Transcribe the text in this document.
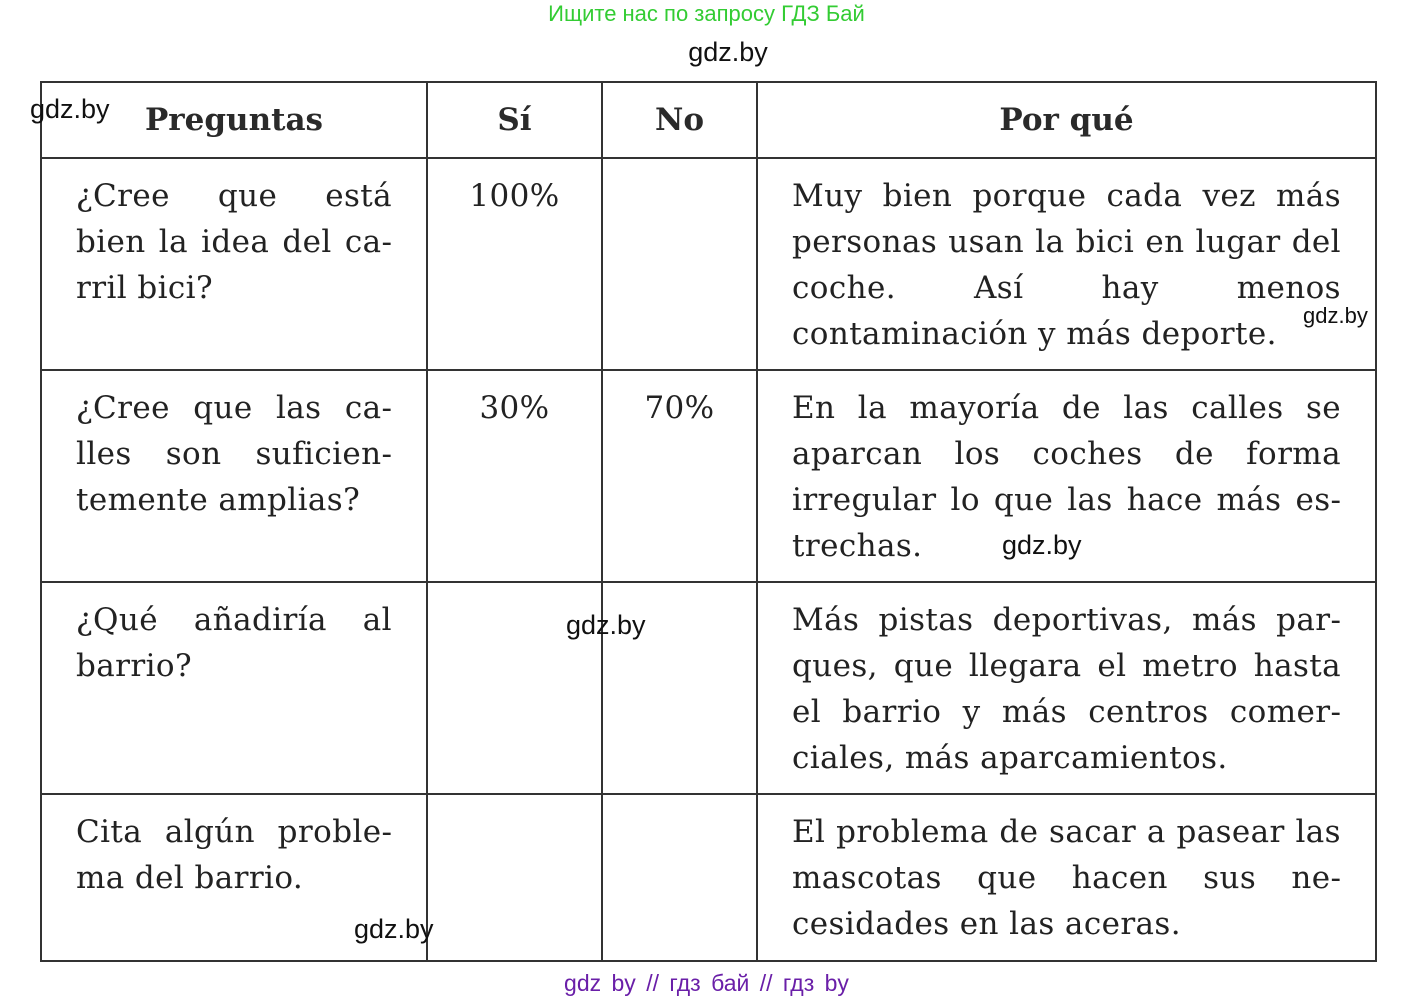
Ищите нас по запросу ГДЗ Бай
gdz.by
Preguntas	Sí	No	Por qué
¿Cree que está bien la idea del carril bici?	100%		Muy bien porque cada vez más personas usan la bici en lugar del coche. Así hay menos contaminación y más deporte.
¿Cree que las calles son suficientemente amplias?	30%	70%	En la mayoría de las calles se aparcan los coches de forma irregular lo que las hace más estrechas.
¿Qué añadiría al barrio?			Más pistas deportivas, más parques, que llegara el metro hasta el barrio y más centros comerciales, más aparcamientos.
Cita algún problema del barrio.			El problema de sacar a pasear las mascotas que hacen sus necesidades en las aceras.
gdz.by
gdz.by
gdz.by
gdz.by
gdz.by
gdz by // гдз бай // гдз by
